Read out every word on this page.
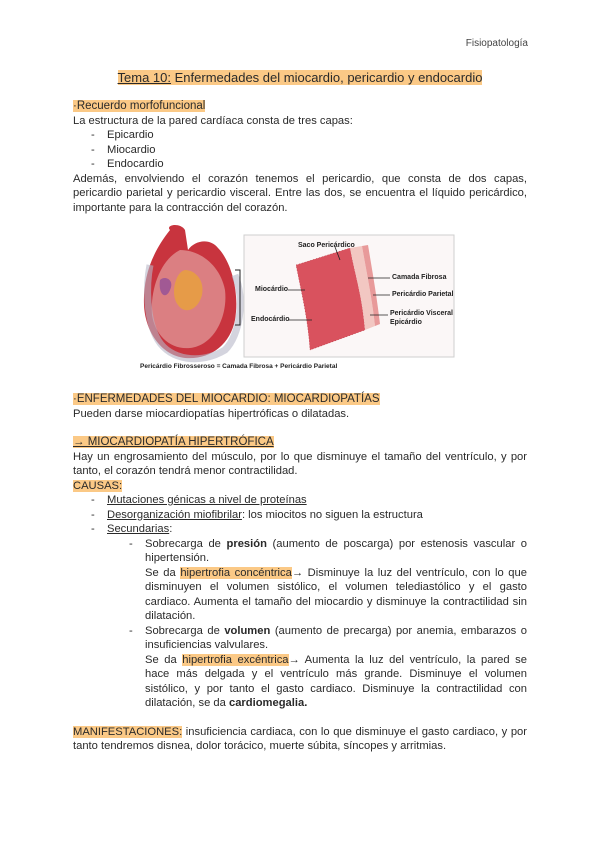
Fisiopatología
Tema 10: Enfermedades del miocardio, pericardio y endocardio
·Recuerdo morfofuncional
La estructura de la pared cardíaca consta de tres capas:
- Epicardio
- Miocardio
- Endocardio
Además, envolviendo el corazón tenemos el pericardio, que consta de dos capas, pericardio parietal y pericardio visceral. Entre las dos, se encuentra el líquido pericárdico, importante para la contracción del corazón.
Saco Pericárdico
Camada Fibrosa
Pericárdio Parietal
Pericárdio Visceral
Epicárdio
Miocárdio
Endocárdio
Pericárdio Fibrosseroso = Camada Fibrosa + Pericárdio Parietal
·ENFERMEDADES DEL MIOCARDIO: MIOCARDIOPATÍAS
Pueden darse miocardiopatías hipertróficas o dilatadas.
→ MIOCARDIOPATÍA HIPERTRÓFICA
Hay un engrosamiento del músculo, por lo que disminuye el tamaño del ventrículo, y por tanto, el corazón tendrá menor contractilidad.
CAUSAS:
- Mutaciones génicas a nivel de proteínas
- Desorganización miofibrilar: los miocitos no siguen la estructura
- Secundarias:
- Sobrecarga de presión (aumento de poscarga) por estenosis vascular o hipertensión.
Se da hipertrofia concéntrica→ Disminuye la luz del ventrículo, con lo que disminuyen el volumen sistólico, el volumen telediastólico y el gasto cardiaco. Aumenta el tamaño del miocardio y disminuye la contractilidad sin dilatación.
- Sobrecarga de volumen (aumento de precarga) por anemia, embarazos o insuficiencias valvulares.
Se da hipertrofia excéntrica→ Aumenta la luz del ventrículo, la pared se hace más delgada y el ventrículo más grande. Disminuye el volumen sistólico, y por tanto el gasto cardiaco. Disminuye la contractilidad con dilatación, se da cardiomegalia.
MANIFESTACIONES: insuficiencia cardiaca, con lo que disminuye el gasto cardiaco, y por tanto tendremos disnea, dolor torácico, muerte súbita, síncopes y arritmias.
